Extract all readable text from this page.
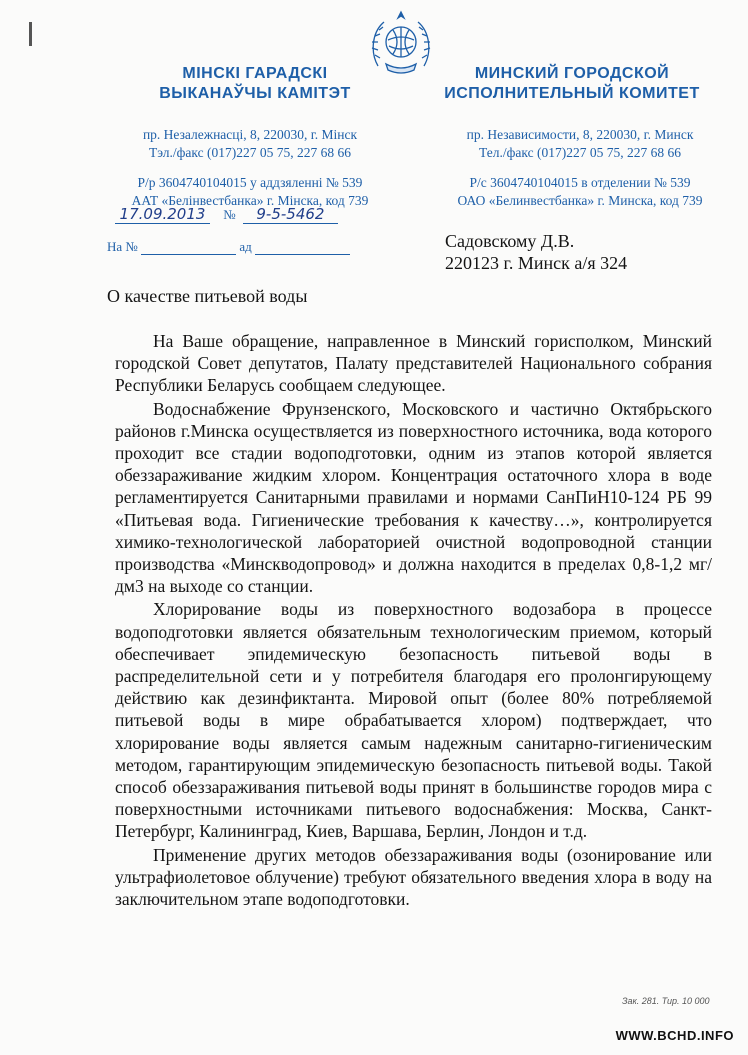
МІНСКІ ГАРАДСКІ
ВЫКАНАЎЧЫ КАМІТЭТ
МИНСКИЙ ГОРОДСКОЙ
ИСПОЛНИТЕЛЬНЫЙ КОМИТЕТ
пр. Незалежнасці, 8, 220030, г. Мінск
Тэл./факс (017)227 05 75, 227 68 66
Р/р 3604740104015 у аддзяленні № 539
ААТ «Белінвестбанка» г. Мінска, код 739
пр. Независимости, 8, 220030, г. Минск
Тел./факс (017)227 05 75, 227 68 66
Р/с 3604740104015 в отделении № 539
ОАО «Белинвестбанка» г. Минска, код 739
17.09.2013 № 9-5-5462
На №	ад	Садовскому Д.В.
220123 г. Минск а/я 324
О качестве питьевой воды

На Ваше обращение, направленное в Минский горисполком, Минский городской Совет депутатов, Палату представителей Национального собрания Республики Беларусь сообщаем следующее.

Водоснабжение Фрунзенского, Московского и частично Октябрьского районов г.Минска осуществляется из поверхностного источника, вода которого проходит все стадии водоподготовки, одним из этапов которой является обеззараживание жидким хлором. Концентрация остаточного хлора в воде регламентируется Санитарными правилами и нормами СанПиН10-124 РБ 99 «Питьевая вода. Гигиенические требования к качеству…», контролируется химико-технологической лабораторией очистной водопроводной станции производства «Минскводопровод» и должна находится в пределах 0,8-1,2 мг/дм3 на выходе со станции.

Хлорирование воды из поверхностного водозабора в процессе водоподготовки является обязательным технологическим приемом, который обеспечивает эпидемическую безопасность питьевой воды в распределительной сети и у потребителя благодаря его пролонгирующему действию как дезинфиктанта. Мировой опыт (более 80% потребляемой питьевой воды в мире обрабатывается хлором) подтверждает, что хлорирование воды является самым надежным санитарно-гигиеническим методом, гарантирующим эпидемическую безопасность питьевой воды. Такой способ обеззараживания питьевой воды принят в большинстве городов мира с поверхностными источниками питьевого водоснабжения: Москва, Санкт-Петербург, Калининград, Киев, Варшава, Берлин, Лондон и т.д.

Применение других методов обеззараживания воды (озонирование или ультрафиолетовое облучение) требуют обязательного введения хлора в воду на заключительном этапе водоподготовки.

Зак. 281. Тир. 10 000
WWW.BCHD.INFO
